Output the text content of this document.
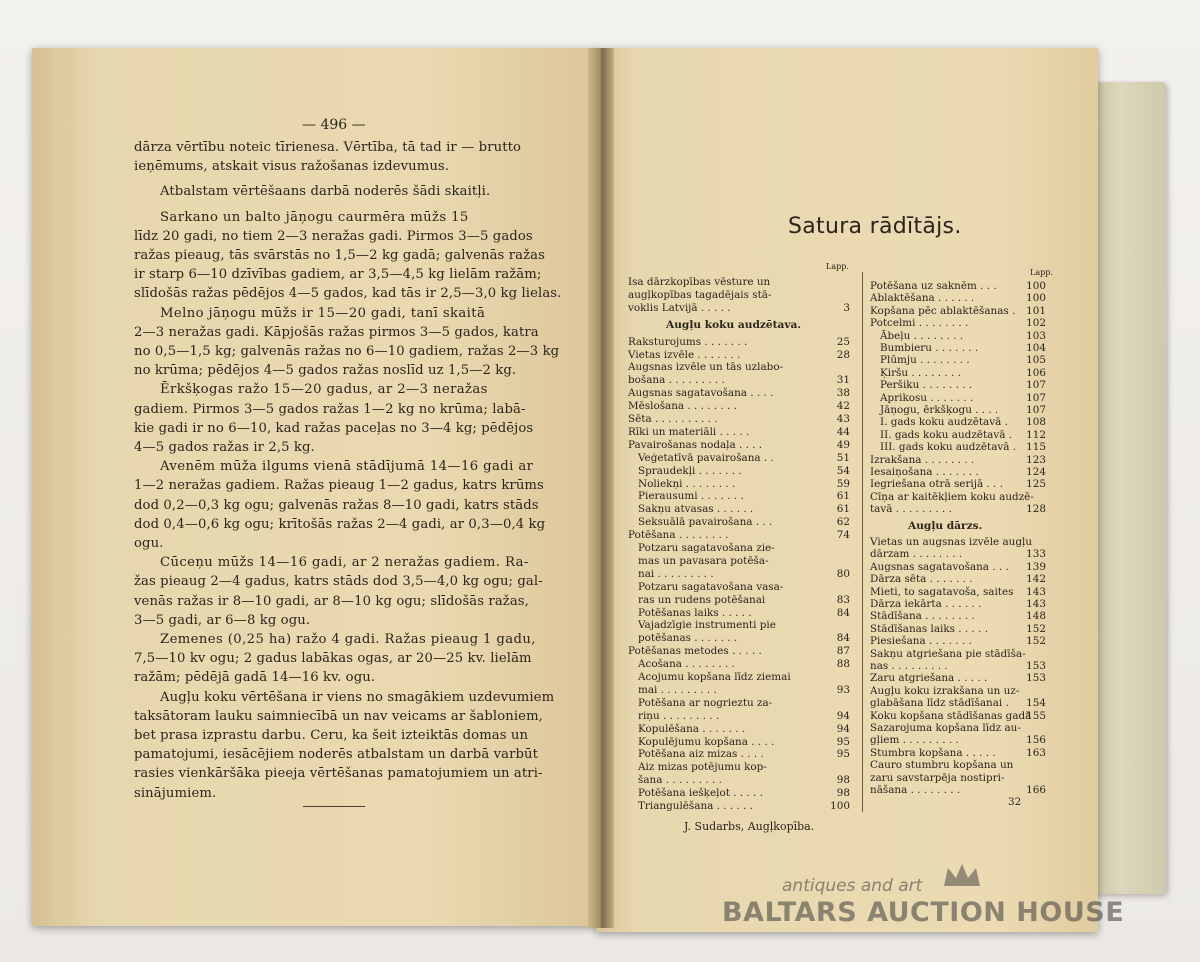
— 496 —
dārza vērtību noteic tīrienesa. Vērtība, tā tad ir — brutto
ieņēmums, atskait visus ražošanas izdevumus.
Atbalstam vērtēšaans darbā noderēs šādi skaitļi.
Sarkano un balto jāņogu caurmēra mūžs 15
līdz 20 gadi, no tiem 2—3 neražas gadi. Pirmos 3—5 gados
ražas pieaug, tās svārstās no 1,5—2 kg gadā; galvenās ražas
ir starp 6—10 dzīvības gadiem, ar 3,5—4,5 kg lielām ražām;
slīdošās ražas pēdējos 4—5 gados, kad tās ir 2,5—3,0 kg lielas.
Melno jāņogu mūžs ir 15—20 gadi, tanī skaitā
2—3 neražas gadi. Kāpjošās ražas pirmos 3—5 gados, katra
no 0,5—1,5 kg; galvenās ražas no 6—10 gadiem, ražas 2—3 kg
no krūma; pēdējos 4—5 gados ražas noslīd uz 1,5—2 kg.
Ērkšķogas ražo 15—20 gadus, ar 2—3 neražas
gadiem. Pirmos 3—5 gados ražas 1—2 kg no krūma; labā-
kie gadi ir no 6—10, kad ražas paceļas no 3—4 kg; pēdējos
4—5 gados ražas ir 2,5 kg.
Avenēm mūža ilgums vienā stādījumā 14—16 gadi ar
1—2 neražas gadiem. Ražas pieaug 1—2 gadus, katrs krūms
dod 0,2—0,3 kg ogu; galvenās ražas 8—10 gadi, katrs stāds
dod 0,4—0,6 kg ogu; krītošās ražas 2—4 gadi, ar 0,3—0,4 kg
ogu.
Cūceņu mūžs 14—16 gadi, ar 2 neražas gadiem. Ra-
žas pieaug 2—4 gadus, katrs stāds dod 3,5—4,0 kg ogu; gal-
venās ražas ir 8—10 gadi, ar 8—10 kg ogu; slīdošās ražas,
3—5 gadi, ar 6—8 kg ogu.
Zemenes (0,25 ha) ražo 4 gadi. Ražas pieaug 1 gadu,
7,5—10 kv ogu; 2 gadus labākas ogas, ar 20—25 kv. lielām
ražām; pēdējā gadā 14—16 kv. ogu.
Augļu koku vērtēšana ir viens no smagākiem uzdevumiem
taksātoram lauku saimniecībā un nav veicams ar šabloniem,
bet prasa izprastu darbu. Ceru, ka šeit izteiktās domas un
pamatojumi, iesācējiem noderēs atbalstam un darbā varbūt
rasies vienkāršāka pieeja vērtēšanas pamatojumiem un atri-
sinājumiem.
Satura rādītājs.
Lapp.
Lapp.
Isa dārzkopības vēsture un
augļkopības tagadējais stā-
voklis Latvijā . . . . .	3
Augļu koku audzētava.
Raksturojums . . . . . . .	25
Vietas izvēle . . . . . . .	28
Augsnas izvēle un tās uzlabo-
bošana . . . . . . . . .	31
Augsnas sagatavošana . . . .	38
Mēslošana . . . . . . . .	42
Sēta . . . . . . . . . .	43
Rīki un materiāli . . . . .	44
Pavairošanas nodaļa . . . .	49
Veģetatīvā pavairošana . .	51
Spraudekļi . . . . . . .	54
Noliekņi . . . . . . . .	59
Pierausumi . . . . . . .	61
Sakņu atvasas . . . . . .	61
Seksuālā pavairošana . . .	62
Potēšana . . . . . . . .	74
Potzaru sagatavošana zie-
mas un pavasara potēša-
nai . . . . . . . . .	80
Potzaru sagatavošana vasa-
ras un rudens potēšanai	83
Potēšanas laiks . . . . .	84
Vajadzīgie instrumenti pie
potēšanas . . . . . . .	84
Potēšanas metodes . . . . .	87
Acošana . . . . . . . .	88
Acojumu kopšana līdz ziemai
mai . . . . . . . . .	93
Potēšana ar nogrieztu za-
riņu . . . . . . . . .	94
Kopulēšana . . . . . . .	94
Kopulējumu kopšana . . . .	95
Potēšana aiz mizas . . . .	95
Aiz mizas potējumu kop-
šana . . . . . . . . .	98
Potēšana iešķeļot . . . . .	98
Triangulēšana . . . . . .	100
Potēšana uz saknēm . . .	100
Ablaktēšana . . . . . .	100
Kopšana pēc ablaktēšanas .	101
Potcelmi . . . . . . . .	102
Ābeļu . . . . . . . .	103
Bumbieru . . . . . . .	104
Plūmju . . . . . . . .	105
Ķiršu . . . . . . . .	106
Peršiku . . . . . . . .	107
Aprikosu . . . . . . .	107
Jāņogu, ērkšķogu . . . .	107
I. gads koku audzētavā .	108
II. gads koku audzētavā .	112
III. gads koku audzētavā . 115
Izrakšana . . . . . . . .	123
Iesaiņošana . . . . . . .	124
Iegriešana otrā serijā . . .	125
Cīņa ar kaitēkļiem koku audzē-
tavā . . . . . . . . .	128
Augļu dārzs.
Vietas un augsnas izvēle augļu
dārzam . . . . . . . .	133
Augsnas sagatavošana . . .	139
Dārza sēta . . . . . . .	142
Mieti, to sagatavoša, saites	143
Dārza iekārta . . . . . .	143
Stādīšana . . . . . . . .	148
Stādīšanas laiks . . . . .	152
Piesiešana . . . . . . .	152
Sakņu atgriešana pie stādīša-
nas . . . . . . . . .	153
Zaru atgriešana . . . . .	153
Augļu koku izrakšana un uz-
glabāšana līdz stādīšanai .	154
Koku kopšana stādīšanas gadā
155
Sazarojuma kopšana līdz au-
gļiem . . . . . . . . .	156
Stumbra kopšana . . . . .	163
Cauro stumbru kopšana un
zaru savstarpēja nostipri-
nāšana . . . . . . . .	166
J. Sudarbs, Augļkopība.
32
antiques and art
BALTARS AUCTION HOUSE
